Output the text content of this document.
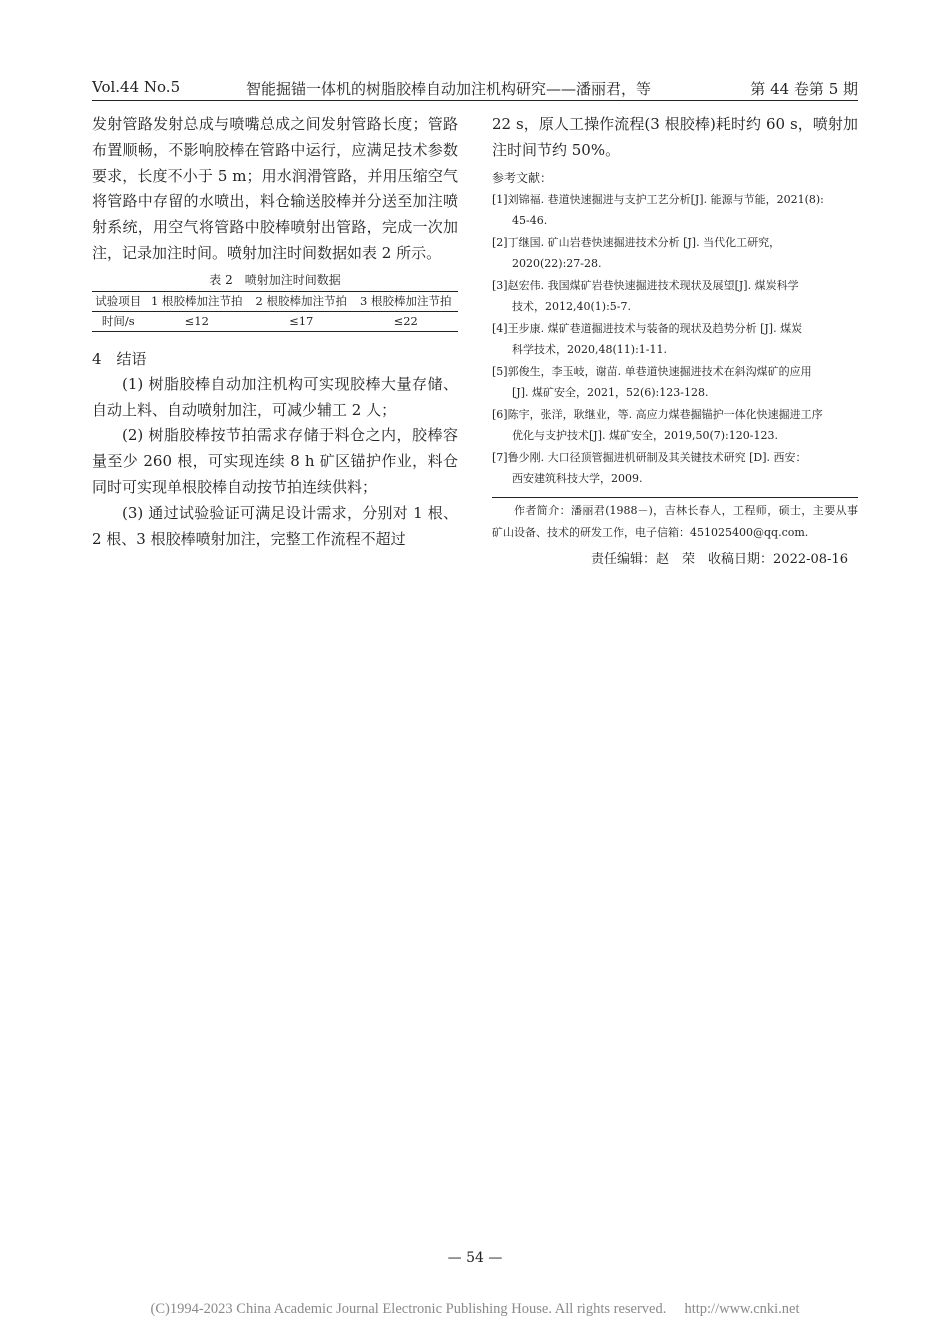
Vol.44 No.5	智能掘锚一体机的树脂胶棒自动加注机构研究——潘丽君，等	第 44 卷第 5 期

发射管路发射总成与喷嘴总成之间发射管路长度；管路布置顺畅，不影响胶棒在管路中运行，应满足技术参数要求，长度不小于 5 m；用水润滑管路，并用压缩空气将管路中存留的水喷出，料仓输送胶棒并分送至加注喷射系统，用空气将管路中胶棒喷射出管路，完成一次加注，记录加注时间。喷射加注时间数据如表 2 所示。

表 2　喷射加注时间数据
试验项目	1 根胶棒加注节拍	2 根胶棒加注节拍	3 根胶棒加注节拍
时间/s	≤12	≤17	≤22
4　结语

(1) 树脂胶棒自动加注机构可实现胶棒大量存储、自动上料、自动喷射加注，可减少辅工 2 人；

(2) 树脂胶棒按节拍需求存储于料仓之内，胶棒容量至少 260 根，可实现连续 8 h 矿区锚护作业，料仓同时可实现单根胶棒自动按节拍连续供料；

(3) 通过试验验证可满足设计需求，分别对 1 根、2 根、3 根胶棒喷射加注，完整工作流程不超过

22 s，原人工操作流程(3 根胶棒)耗时约 60 s，喷射加注时间节约 50%。

参考文献：
[1]刘锦福. 巷道快速掘进与支护工艺分析[J]. 能源与节能，2021(8):
45-46.
[2]丁继国. 矿山岩巷快速掘进技术分析 [J]. 当代化工研究，
2020(22):27-28.
[3]赵宏伟. 我国煤矿岩巷快速掘进技术现状及展望[J]. 煤炭科学
技术，2012,40(1):5-7.
[4]王步康. 煤矿巷道掘进技术与装备的现状及趋势分析 [J]. 煤炭
科学技术，2020,48(11):1-11.
[5]郭俊生，李玉岐，谢苗. 单巷道快速掘进技术在斜沟煤矿的应用
[J]. 煤矿安全，2021，52(6):123-128.
[6]陈宇，张洋，耿继业，等. 高应力煤巷掘锚护一体化快速掘进工序
优化与支护技术[J]. 煤矿安全，2019,50(7):120-123.
[7]鲁少刚. 大口径顶管掘进机研制及其关键技术研究 [D]. 西安：
西安建筑科技大学，2009.
作者简介：潘丽君(1988－)，吉林长春人，工程师，硕士，主要从事矿山设备、技术的研发工作，电子信箱：451025400@qq.com.
责任编辑：赵　荣　收稿日期：2022-08-16
— 54 —
(C)1994-2023 China Academic Journal Electronic Publishing House. All rights reserved.　 http://www.cnki.net
